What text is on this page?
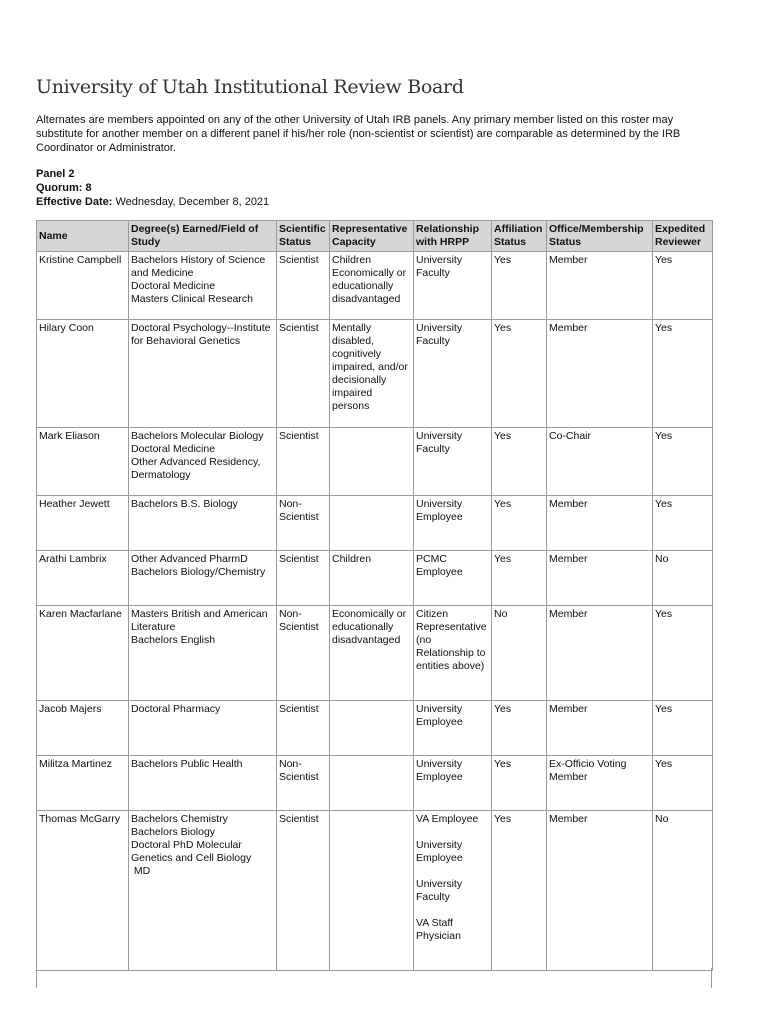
University of Utah Institutional Review Board

Alternates are members appointed on any of the other University of Utah IRB panels. Any primary member listed on this roster may substitute for another member on a different panel if his/her role (non-scientist or scientist) are comparable as determined by the IRB Coordinator or Administrator.

Panel 2
Quorum: 8
Effective Date: Wednesday, December 8, 2021
Name	Degree(s) Earned/Field of Study	Scientific Status	Representative Capacity	Relationship with HRPP	Affiliation Status	Office/Membership Status	Expedited Reviewer
Kristine Campbell	Bachelors History of Science and Medicine
Doctoral Medicine
Masters Clinical Research	Scientist	Children Economically or educationally disadvantaged	University Faculty	Yes	Member	Yes
Hilary Coon	Doctoral Psychology--Institute for Behavioral Genetics	Scientist	Mentally disabled, cognitively impaired, and/or decisionally impaired persons	University Faculty	Yes	Member	Yes
Mark Eliason	Bachelors Molecular Biology
Doctoral Medicine
Other Advanced Residency, Dermatology	Scientist		University Faculty	Yes	Co-Chair	Yes
Heather Jewett	Bachelors B.S. Biology	Non-Scientist		University Employee	Yes	Member	Yes
Arathi Lambrix	Other Advanced PharmD
Bachelors Biology/Chemistry	Scientist	Children	PCMC Employee	Yes	Member	No
Karen Macfarlane	Masters British and American Literature
Bachelors English	Non-Scientist	Economically or educationally disadvantaged	Citizen Representative (no Relationship to entities above)	No	Member	Yes
Jacob Majers	Doctoral Pharmacy	Scientist		University Employee	Yes	Member	Yes
Militza Martinez	Bachelors Public Health	Non-Scientist		University Employee	Yes	Ex-Officio Voting Member	Yes
Thomas McGarry	Bachelors Chemistry
Bachelors Biology
Doctoral PhD Molecular Genetics and Cell Biology
MD	Scientist		VA Employee

University Employee

University Faculty

VA Staff Physician	Yes	Member	No
